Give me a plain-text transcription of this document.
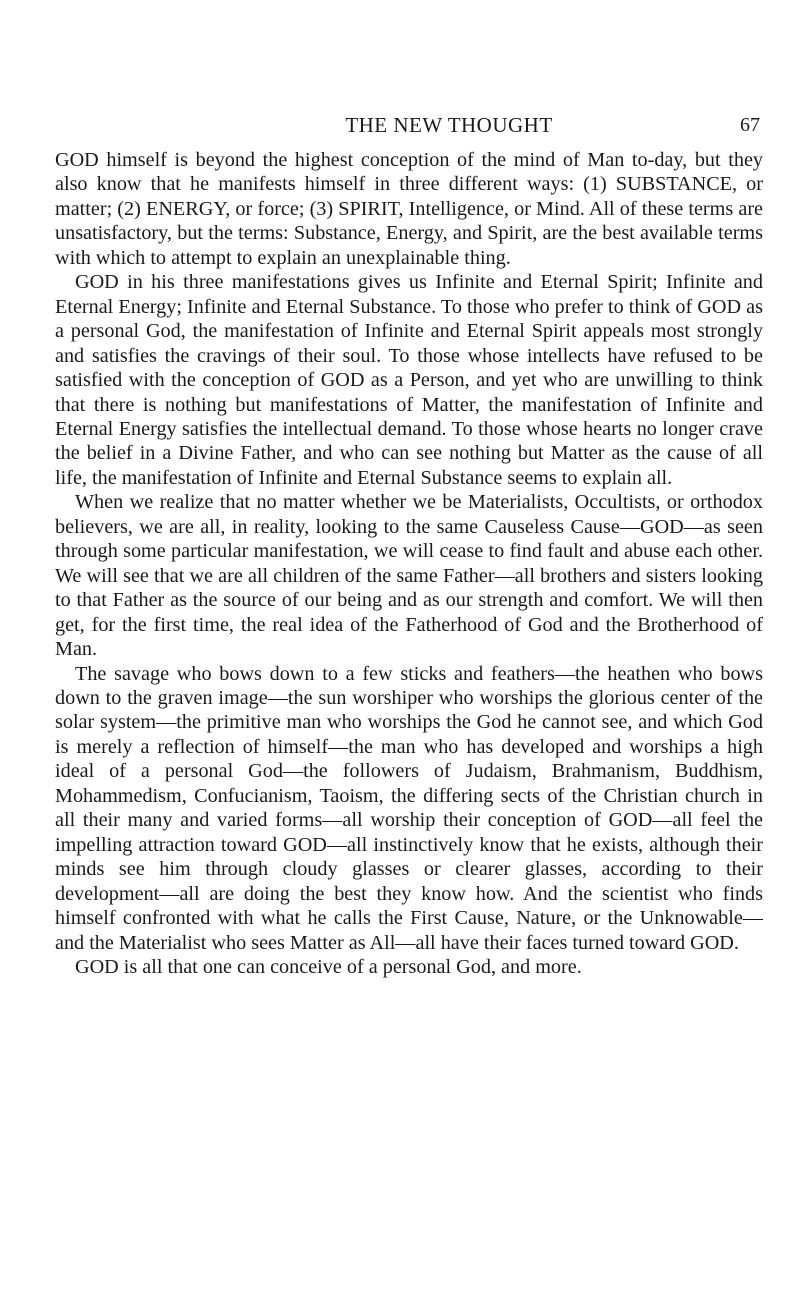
THE NEW THOUGHT	67

GOD himself is beyond the highest conception of the mind of Man to-day, but they also know that he manifests himself in three different ways: (1) SUBSTANCE, or matter; (2) ENERGY, or force; (3) SPIRIT, Intelligence, or Mind. All of these terms are unsatisfactory, but the terms: Substance, Energy, and Spirit, are the best available terms with which to attempt to explain an unexplainable thing.

GOD in his three manifestations gives us Infinite and Eternal Spirit; Infinite and Eternal Energy; Infinite and Eternal Substance. To those who prefer to think of GOD as a personal God, the manifestation of Infinite and Eternal Spirit appeals most strongly and satisfies the cravings of their soul. To those whose intellects have refused to be satisfied with the conception of GOD as a Person, and yet who are unwilling to think that there is nothing but manifestations of Matter, the manifestation of Infinite and Eternal Energy satisfies the intellectual demand. To those whose hearts no longer crave the belief in a Divine Father, and who can see nothing but Matter as the cause of all life, the manifestation of Infinite and Eternal Substance seems to explain all.

When we realize that no matter whether we be Materialists, Occultists, or orthodox believers, we are all, in reality, looking to the same Causeless Cause—GOD—as seen through some particular manifestation, we will cease to find fault and abuse each other. We will see that we are all children of the same Father—all brothers and sisters looking to that Father as the source of our being and as our strength and comfort. We will then get, for the first time, the real idea of the Fatherhood of God and the Brotherhood of Man.

The savage who bows down to a few sticks and feathers—the heathen who bows down to the graven image—the sun worshiper who worships the glorious center of the solar system—the primitive man who worships the God he cannot see, and which God is merely a reflection of himself—the man who has developed and worships a high ideal of a personal God—the followers of Judaism, Brahmanism, Buddhism, Mohammedism, Confucianism, Taoism, the differing sects of the Christian church in all their many and varied forms—all worship their conception of GOD—all feel the impelling attraction toward GOD—all instinctively know that he exists, although their minds see him through cloudy glasses or clearer glasses, according to their development—all are doing the best they know how. And the scientist who finds himself confronted with what he calls the First Cause, Nature, or the Unknowable—and the Materialist who sees Matter as All—all have their faces turned toward GOD.

GOD is all that one can conceive of a personal God, and more.
